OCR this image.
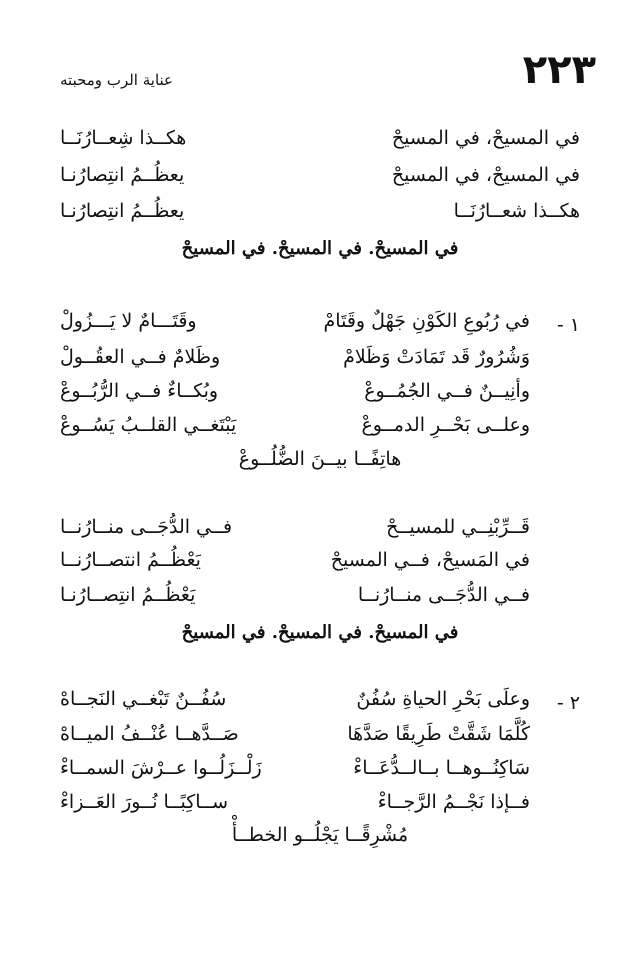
٢٢٣
عناية الرب ومحبته
في المسيحْ، في المسيحْ
هكــذا شِعــارُنَــا
في المسيحْ، في المسيحْ
يعظُــمُ انتِصارُنـا
هكــذا شعــارُنَــا
يعظُــمُ انتِصارُنـا
في المسيحْ. في المسيحْ. في المسيحْ
١ -
في رُبُوعِ الكَوْنِ جَهْلٌ وقَتَامْ
وقَتَـــامٌ لا يَـــزُولْ
وَشُرُورٌ قَد تَمَادَتْ وَظَلامْ
وظَلامٌ فــي العقُــولْ
وأنِيــنٌ فــي الجُمُــوعْ
وبُكــاءٌ فــي الرُّبُــوعْ
وعلــى بَحْــرِ الدمــوعْ
يَبْتَغــي القلــبُ يَسُــوعْ
هاتِفًــا بيــنَ الضُّلُــوعْ
قَــرِّبْنِــي للمسيــحْ
فــي الدُّجَــى منــارُنــا
في المَسيحْ، فــي المسيحْ
يَعْظُــمُ انتصــارُنــا
فــي الدُّجَــى منــارُنــا
يَعْظُــمُ انتِصــارُنـا
في المسيحْ. في المسيحْ. في المسيحْ
٢ -
وعلَى بَحْرِ الحياةِ سُفُنٌ
سُفُــنٌ تَبْغــي النَجــاهْ
كُلَّمَا شَقَّتْ طَرِيقًا صَدَّهَا
صَــدَّهــا عُنْــفُ الميــاهْ
سَاكِنُــوهــا بــالــدُّعَــاءْ
زَلْــزَلُــوا عــرْشَ السمــاءْ
فــإذا نَجْــمُ الرَّجــاءْ
ســاكِبًــا نُــورَ العَــزاءْ
مُشْرِقًــا يَجْلُــو الخطــأْ
